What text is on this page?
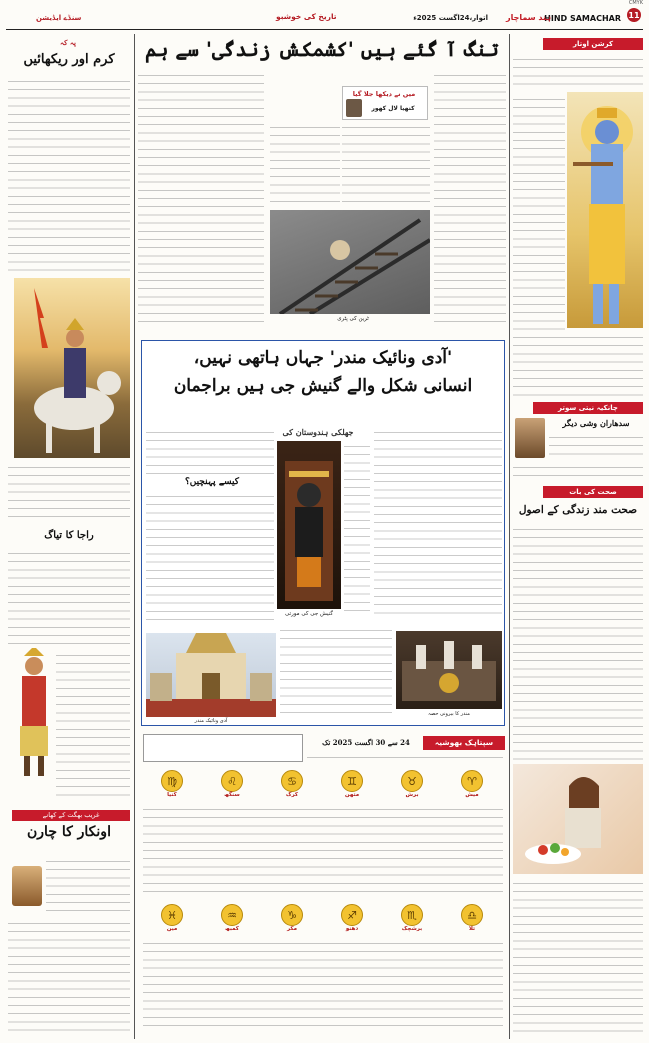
11
CMYK
HIND SAMACHAR
ہند سماچار
اتوار،24اگست 2025ء
تاریخ کی خوشبو
سنڈے ایڈیشن
پہ کہ
کرم اور ریکھائیں
راجا کا تیاگ
غریب بھگت کے کھانے
اونکار کا چارن
تنگ آ گئے ہیں 'کشمکش زندگی' سے ہم
ٹرین کی پٹری
میں نے دیکھا جلا گیا
کنھیا لال کھور
'آدی ونائیک مندر' جہاں ہاتھی نہیں،
انسانی شکل والے گنیش جی ہیں براجمان
جھلکی ہندوستان کی
گنیش جی کی مورتی
کیسے پہنچیں؟
آدی ونائیک مندر
مندر کا بیرونی حصہ
سپتاہک بھوشیہ
24 سے 30 اگست 2025 تک
♈
میش
♉
برش
♊
متھن
♋
کرک
♌
سنگھ
♍
کنیا
♎
تلا
♏
برشچک
♐
دھنو
♑
مکر
♒
کمبھ
♓
مین
کرشن اوتار
چانکیہ نیتی سوتر
سدھاران وشی دیگر
صحت کی بات
صحت مند زندگی کے اصول
